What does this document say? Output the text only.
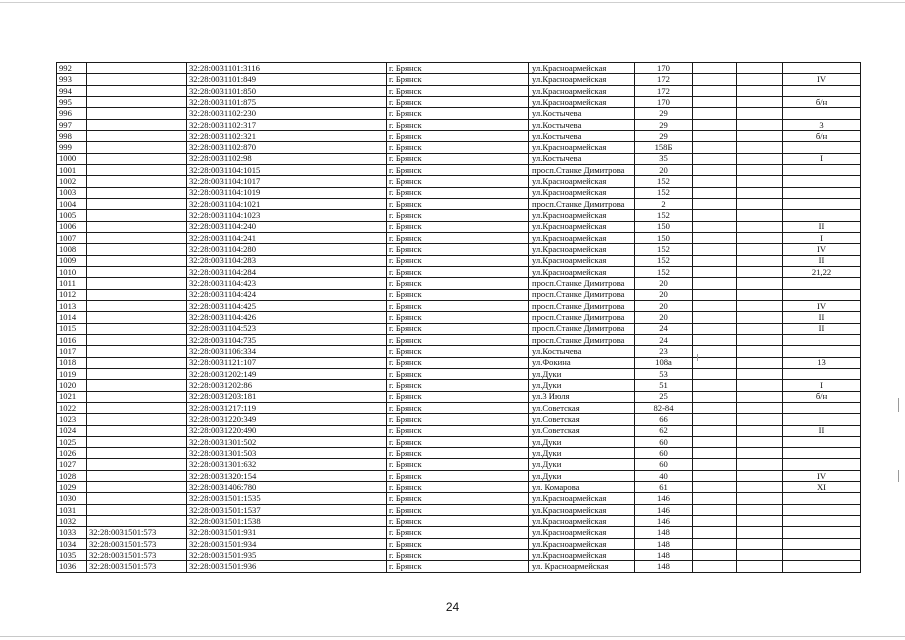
992		32:28:0031101:3116	г. Брянск	ул.Красноармейская	170			
993		32:28:0031101:849	г. Брянск	ул.Красноармейская	172			IV
994		32:28:0031101:850	г. Брянск	ул.Красноармейская	172			
995		32:28:0031101:875	г. Брянск	ул.Красноармейская	170			б/н
996		32:28:0031102:230	г. Брянск	ул.Костычева	29			
997		32:28:0031102:317	г. Брянск	ул.Костычева	29			3
998		32:28:0031102:321	г. Брянск	ул.Костычева	29			б/н
999		32:28:0031102:870	г. Брянск	ул.Красноармейская	158Б			
1000		32:28:0031102:98	г. Брянск	ул.Костычева	35			I
1001		32:28:0031104:1015	г. Брянск	просп.Станке Димитрова	20			
1002		32:28:0031104:1017	г. Брянск	ул.Красноармейская	152			
1003		32:28:0031104:1019	г. Брянск	ул.Красноармейская	152			
1004		32:28:0031104:1021	г. Брянск	просп.Станке Димитрова	2			
1005		32:28:0031104:1023	г. Брянск	ул.Красноармейская	152			
1006		32:28:0031104:240	г. Брянск	ул.Красноармейская	150			II
1007		32:28:0031104:241	г. Брянск	ул.Красноармейская	150			I
1008		32:28:0031104:280	г. Брянск	ул.Красноармейская	152			IV
1009		32:28:0031104:283	г. Брянск	ул.Красноармейская	152			II
1010		32:28:0031104:284	г. Брянск	ул.Красноармейская	152			21,22
1011		32:28:0031104:423	г. Брянск	просп.Станке Димитрова	20			
1012		32:28:0031104:424	г. Брянск	просп.Станке Димитрова	20			
1013		32:28:0031104:425	г. Брянск	просп.Станке Димитрова	20			IV
1014		32:28:0031104:426	г. Брянск	просп.Станке Димитрова	20			II
1015		32:28:0031104:523	г. Брянск	просп.Станке Димитрова	24			II
1016		32:28:0031104:735	г. Брянск	просп.Станке Димитрова	24			
1017		32:28:0031106:334	г. Брянск	ул.Костычева	23			
1018		32:28:0031121:107	г. Брянск	ул.Фокина	108а			13
1019		32:28:0031202:149	г. Брянск	ул.Дуки	53			
1020		32:28:0031202:86	г. Брянск	ул.Дуки	51			I
1021		32:28:0031203:181	г. Брянск	ул.3 Июля	25			б/н
1022		32:28:0031217:119	г. Брянск	ул.Советская	82-84			
1023		32:28:0031220:349	г. Брянск	ул.Советская	66			
1024		32:28:0031220:490	г. Брянск	ул.Советская	62			II
1025		32:28:0031301:502	г. Брянск	ул.Дуки	60			
1026		32:28:0031301:503	г. Брянск	ул.Дуки	60			
1027		32:28:0031301:632	г. Брянск	ул.Дуки	60			
1028		32:28:0031320:154	г. Брянск	ул.Дуки	40			IV
1029		32:28:0031406:780	г. Брянск	ул. Комарова	61			XI
1030		32:28:0031501:1535	г. Брянск	ул.Красноармейская	146			
1031		32:28:0031501:1537	г. Брянск	ул.Красноармейская	146			
1032		32:28:0031501:1538	г. Брянск	ул.Красноармейская	146			
1033	32:28:0031501:573	32:28:0031501:931	г. Брянск	ул.Красноармейская	148			
1034	32:28:0031501:573	32:28:0031501:934	г. Брянск	ул.Красноармейская	148			
1035	32:28:0031501:573	32:28:0031501:935	г. Брянск	ул.Красноармейская	148			
1036	32:28:0031501:573	32:28:0031501:936	г. Брянск	ул. Красноармейская	148			
24
